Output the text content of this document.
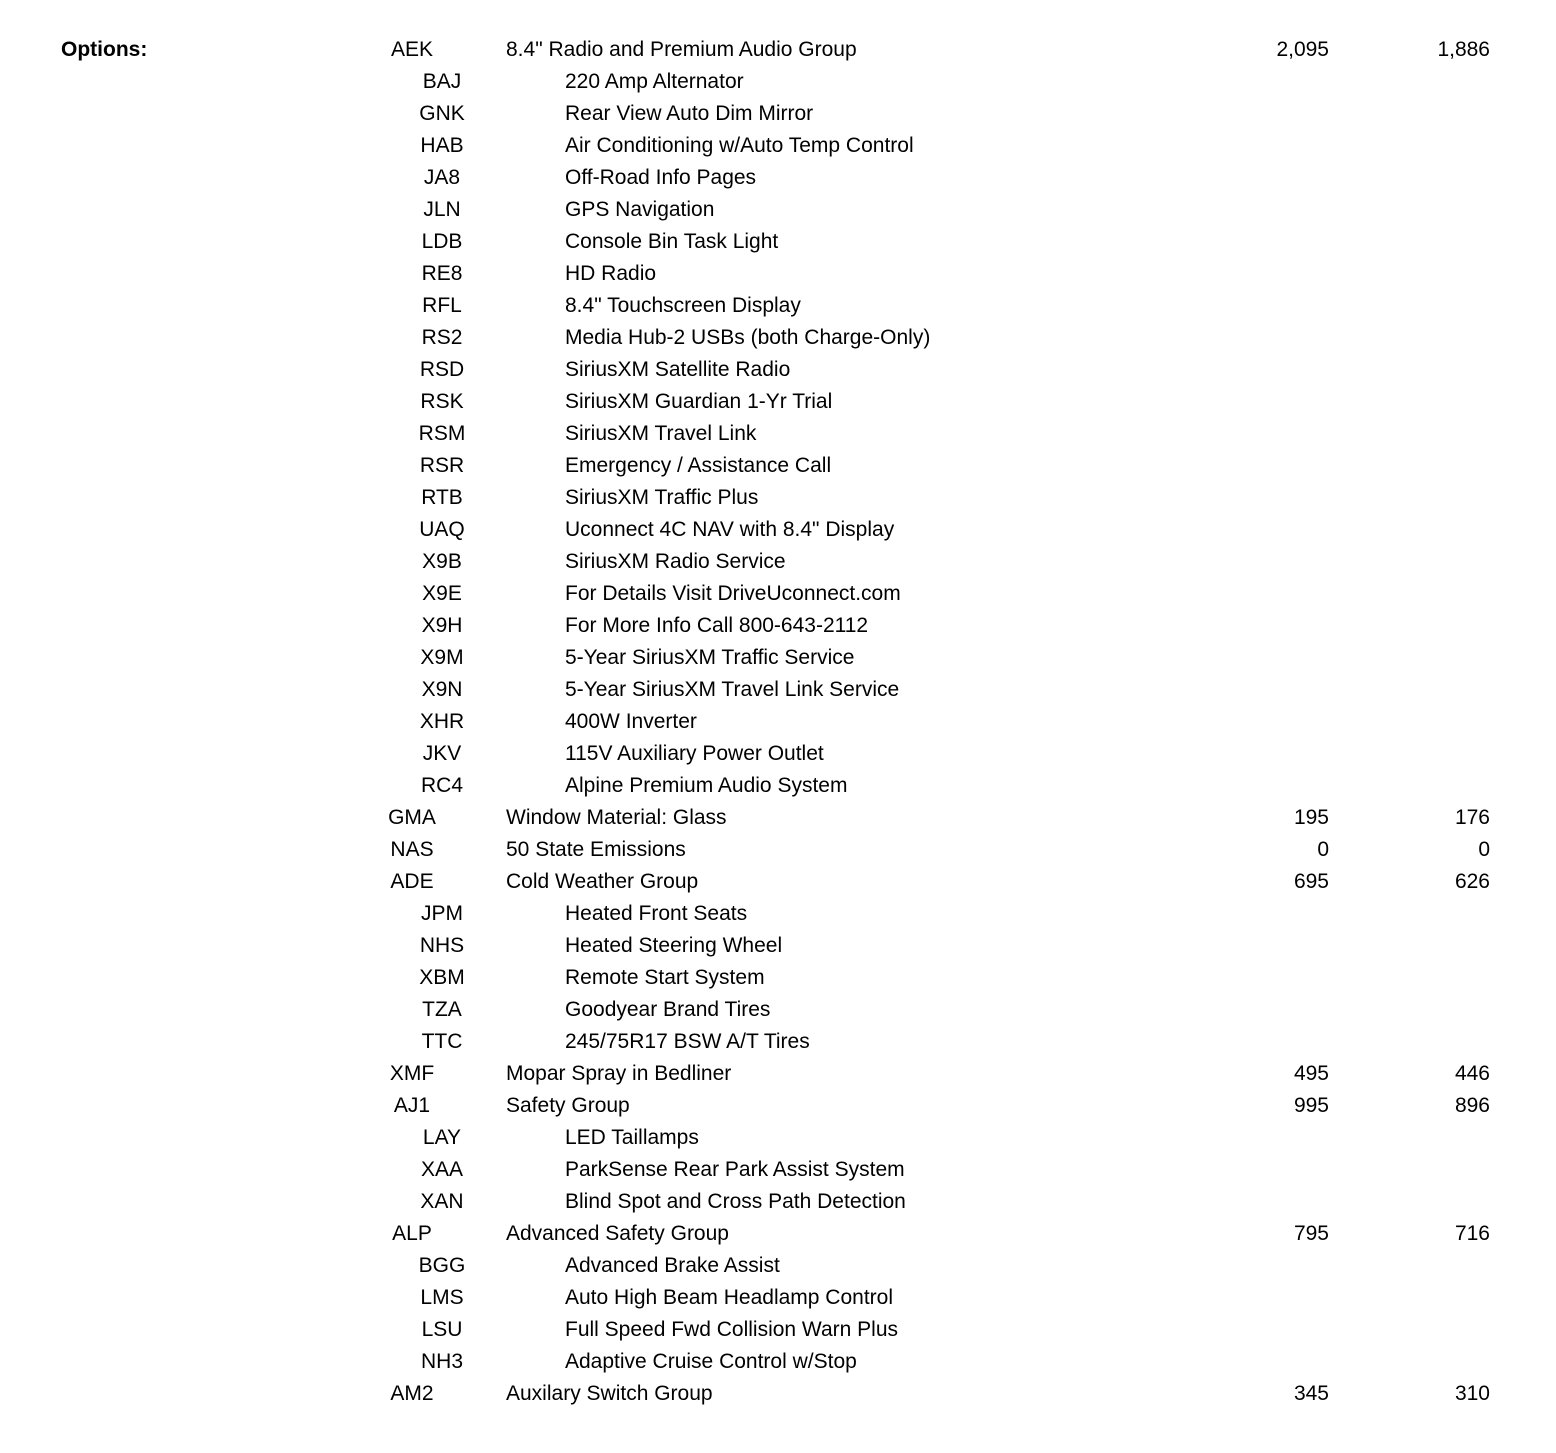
Options:	AEK	8.4" Radio and Premium Audio Group	2,095	1,886
BAJ	220 Amp Alternator
GNK	Rear View Auto Dim Mirror
HAB	Air Conditioning w/Auto Temp Control
JA8	Off-Road Info Pages
JLN	GPS Navigation
LDB	Console Bin Task Light
RE8	HD Radio
RFL	8.4" Touchscreen Display
RS2	Media Hub-2 USBs (both Charge-Only)
RSD	SiriusXM Satellite Radio
RSK	SiriusXM Guardian 1-Yr Trial
RSM	SiriusXM Travel Link
RSR	Emergency / Assistance Call
RTB	SiriusXM Traffic Plus
UAQ	Uconnect 4C NAV with 8.4" Display
X9B	SiriusXM Radio Service
X9E	For Details Visit DriveUconnect.com
X9H	For More Info Call 800-643-2112
X9M	5-Year SiriusXM Traffic Service
X9N	5-Year SiriusXM Travel Link Service
XHR	400W Inverter
JKV	115V Auxiliary Power Outlet
RC4	Alpine Premium Audio System
GMA	Window Material: Glass	195	176
NAS	50 State Emissions	0	0
ADE	Cold Weather Group	695	626
JPM	Heated Front Seats
NHS	Heated Steering Wheel
XBM	Remote Start System
TZA	Goodyear Brand Tires
TTC	245/75R17 BSW A/T Tires
XMF	Mopar Spray in Bedliner	495	446
AJ1	Safety Group	995	896
LAY	LED Taillamps
XAA	ParkSense Rear Park Assist System
XAN	Blind Spot and Cross Path Detection
ALP	Advanced Safety Group	795	716
BGG	Advanced Brake Assist
LMS	Auto High Beam Headlamp Control
LSU	Full Speed Fwd Collision Warn Plus
NH3	Adaptive Cruise Control w/Stop
AM2	Auxilary Switch Group	345	310
